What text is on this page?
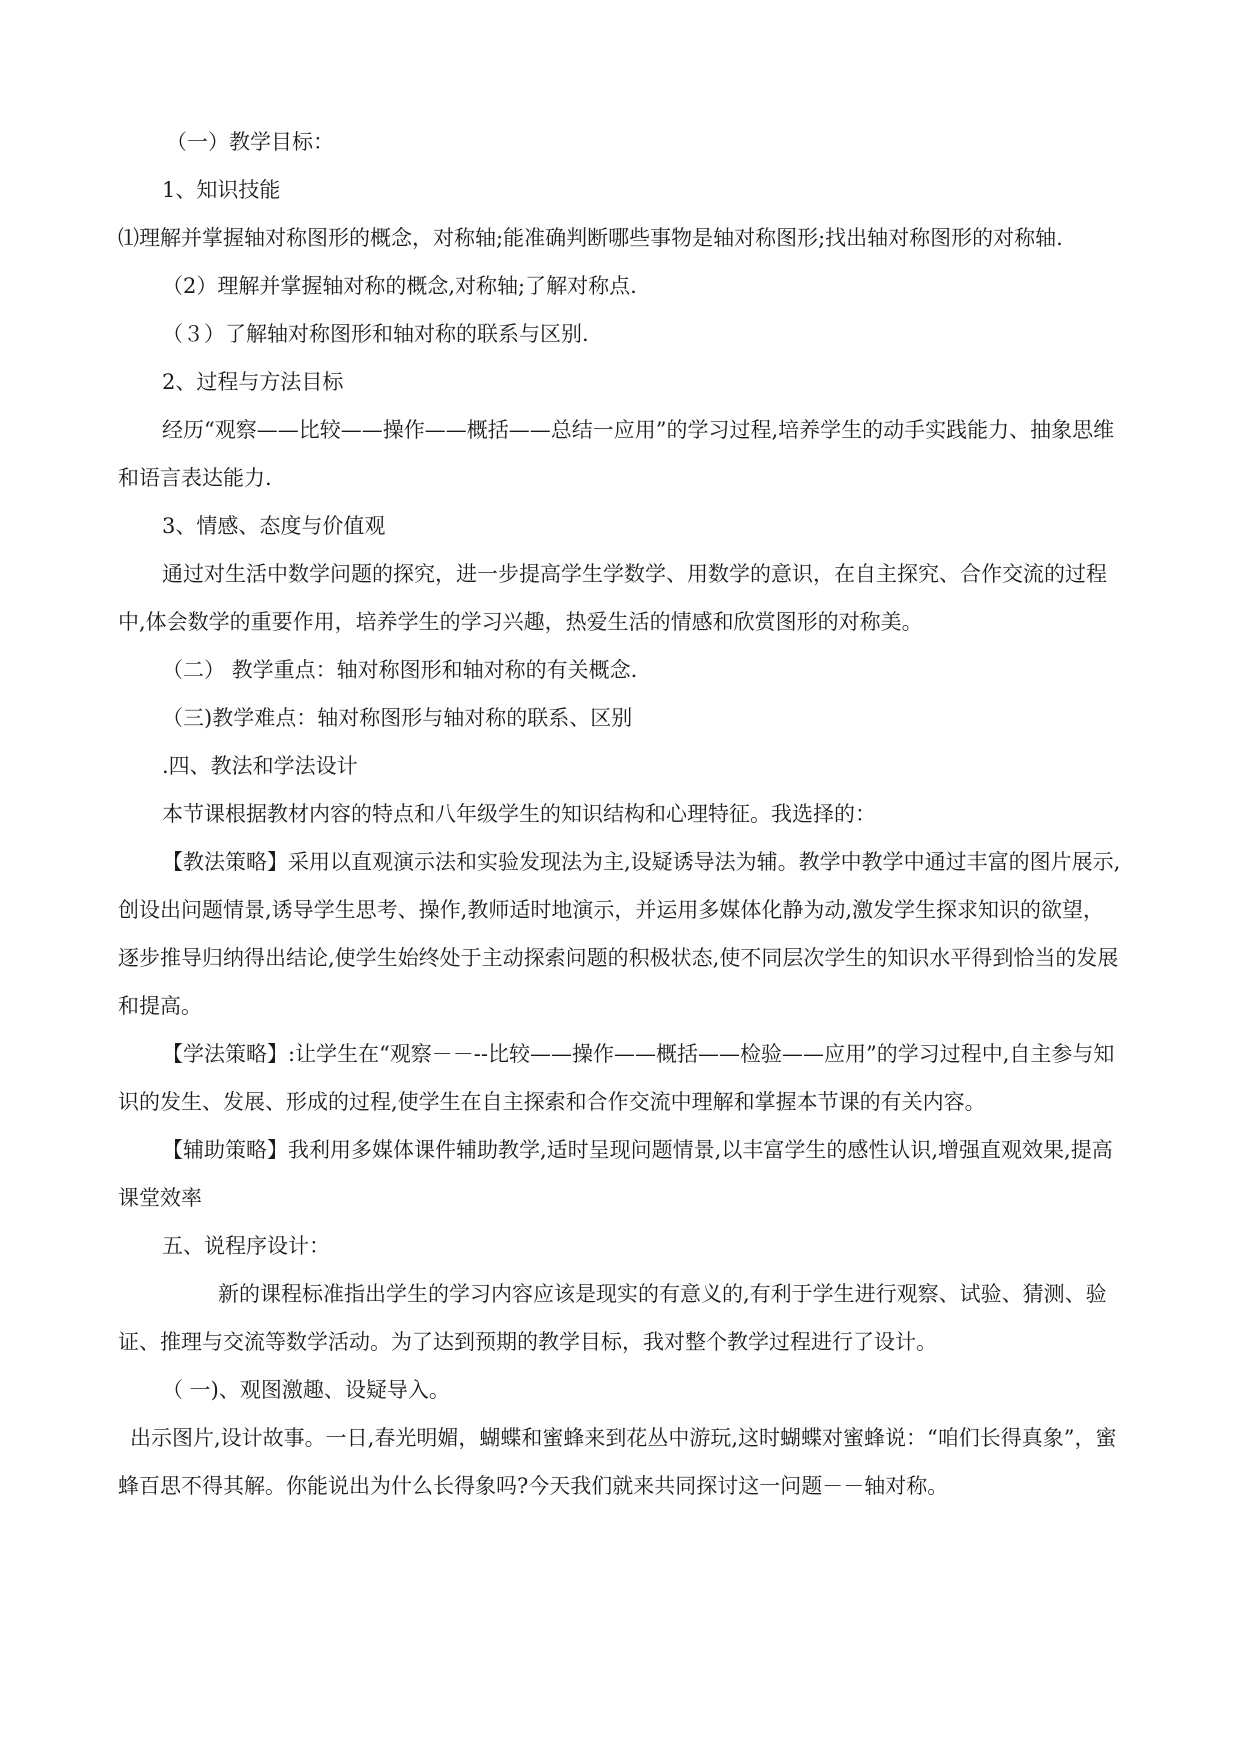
（一）教学目标：

1、知识技能

⑴理解并掌握轴对称图形的概念，对称轴;能准确判断哪些事物是轴对称图形;找出轴对称图形的对称轴.

（2）理解并掌握轴对称的概念,对称轴;了解对称点.

（３）了解轴对称图形和轴对称的联系与区别.

2、过程与方法目标

经历“观察——比较——操作——概括——总结一应用”的学习过程,培养学生的动手实践能力、抽象思维和语言表达能力.

3、情感、态度与价值观

通过对生活中数学问题的探究，进一步提高学生学数学、用数学的意识，在自主探究、合作交流的过程中,体会数学的重要作用，培养学生的学习兴趣，热爱生活的情感和欣赏图形的对称美。

（二） 教学重点：轴对称图形和轴对称的有关概念.

（三)教学难点：轴对称图形与轴对称的联系、区别

.四、教法和学法设计

本节课根据教材内容的特点和八年级学生的知识结构和心理特征。我选择的：

【教法策略】采用以直观演示法和实验发现法为主,设疑诱导法为辅。教学中教学中通过丰富的图片展示,创设出问题情景,诱导学生思考、操作,教师适时地演示，并运用多媒体化静为动,激发学生探求知识的欲望，逐步推导归纳得出结论,使学生始终处于主动探索问题的积极状态,使不同层次学生的知识水平得到恰当的发展和提高。

【学法策略】:让学生在“观察－－--比较——操作——概括——检验——应用”的学习过程中,自主参与知识的发生、发展、形成的过程,使学生在自主探索和合作交流中理解和掌握本节课的有关内容。

【辅助策略】我利用多媒体课件辅助教学,适时呈现问题情景,以丰富学生的感性认识,增强直观效果,提高课堂效率

五、说程序设计：

新的课程标准指出学生的学习内容应该是现实的有意义的,有利于学生进行观察、试验、猜测、验证、推理与交流等数学活动。为了达到预期的教学目标，我对整个教学过程进行了设计。

（ 一)、观图激趣、设疑导入。

出示图片,设计故事。一日,春光明媚，蝴蝶和蜜蜂来到花丛中游玩,这时蝴蝶对蜜蜂说：“咱们长得真象”，蜜蜂百思不得其解。你能说出为什么长得象吗?今天我们就来共同探讨这一问题－－轴对称。
